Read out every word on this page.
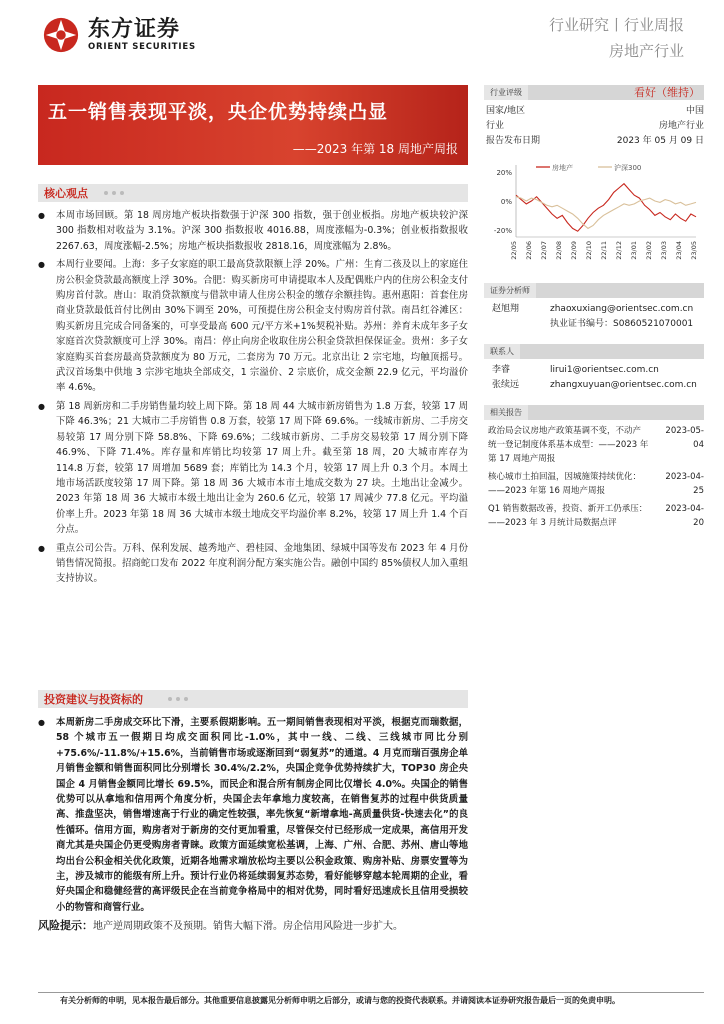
东方证券
ORIENT SECURITIES
行业研究丨行业周报
房地产行业
五一销售表现平淡，央企优势持续凸显
——2023 年第 18 周地产周报
行业评级	看好（维持）
国家/地区	中国
行业	房地产行业
报告发布日期	2023 年 05 月 09 日
20%
0%
-20%
房地产	沪深300
22/05 22/06 22/07 22/08 22/09 22/10 22/11 22/12 23/01 23/02 23/03 23/04 23/05
证券分析师
赵旭翔	zhaoxuxiang@orientsec.com.cn
执业证书编号：S0860521070001
联系人
李睿	lirui1@orientsec.com.cn
张续远	zhangxuyuan@orientsec.com.cn
相关报告
政治局会议房地产政策基调不变，不动产
统一登记制度体系基本成型：——2023 年
第 17 周地产周报
2023-05-04
核心城市土拍回温，因城施策持续优化：
——2023 年第 16 周地产周报
2023-04-25
Q1 销售数据改善，投资、新开工仍承压：
——2023 年 3 月统计局数据点评
2023-04-20
核心观点
● 本周市场回顾。第 18 周房地产板块指数强于沪深 300 指数，强于创业板指。房地产板块较沪深 300 指数相对收益为 3.1%。沪深 300 指数报收 4016.88，周度涨幅为-0.3%；创业板指数报收 2267.63，周度涨幅-2.5%；房地产板块指数报收 2818.16，周度涨幅为 2.8%。
● 本周行业要闻。上海：多子女家庭的职工最高贷款限额上浮 20%。广州：生育二孩及以上的家庭住房公积金贷款最高额度上浮 30%。合肥：购买新房可申请提取本人及配偶账户内的住房公积金支付购房首付款。唐山：取消贷款额度与借款申请人住房公积金的缴存余额挂钩。惠州惠阳：首套住房商业贷款最低首付比例由 30%下调至 20%，可预提住房公积金支付购房首付款。南昌红谷滩区：购买新房且完成合同备案的，可享受最高 600 元/平方米+1%契税补贴。苏州：养育未成年多子女家庭首次贷款额度可上浮 30%。南昌：停止向房企收取住房公积金贷款担保保证金。贵州：多子女家庭购买首套房最高贷款额度为 80 万元，二套房为 70 万元。北京出让 2 宗宅地，均触顶摇号。武汉首场集中供地 3 宗涉宅地块全部成交，1 宗溢价、2 宗底价，成交金额 22.9 亿元，平均溢价率 4.6%。
● 第 18 周新房和二手房销售量均较上周下降。第 18 周 44 大城市新房销售为 1.8 万套，较第 17 周下降 46.3%；21 大城市二手房销售 0.8 万套，较第 17 周下降 69.6%。一线城市新房、二手房交易较第 17 周分别下降 58.8%、下降 69.6%；二线城市新房、二手房交易较第 17 周分别下降 46.9%、下降 71.4%。库存量和库销比均较第 17 周上升。截至第 18 周，20 大城市库存为 114.8 万套，较第 17 周增加 5689 套；库销比为 14.3 个月，较第 17 周上升 0.3 个月。本周土地市场活跃度较第 17 周下降。第 18 周 36 大城市本市土地成交数为 27 块。土地出让金减少。2023 年第 18 周 36 大城市本级土地出让金为 260.6 亿元，较第 17 周减少 77.8 亿元。平均溢价率上升。2023 年第 18 周 36 大城市本级土地成交平均溢价率 8.2%，较第 17 周上升 1.4 个百分点。
● 重点公司公告。万科、保利发展、越秀地产、碧桂园、金地集团、绿城中国等发布 2023 年 4 月份销售情况简报。招商蛇口发布 2022 年度利润分配方案实施公告。融创中国约 85%债权人加入重组支持协议。
投资建议与投资标的
● 本周新房二手房成交环比下滑，主要系假期影响。五一期间销售表现相对平淡，根据克而瑞数据，58 个城市五一假期日均成交面积同比-1.0%，其中一线、二线、三线城市同比分别+75.6%/-11.8%/+15.6%，当前销售市场或逐渐回到“弱复苏”的通道。4 月克而瑞百强房企单月销售金额和销售面积同比分别增长 30.4%/2.2%，央国企竞争优势持续扩大，TOP30 房企央国企 4 月销售金额同比增长 69.5%，而民企和混合所有制房企同比仅增长 4.0%。央国企的销售优势可以从拿地和信用两个角度分析，央国企去年拿地力度较高，在销售复苏的过程中供货质量高、推盘坚决，销售增速高于行业的确定性较强，率先恢复“新增拿地-高质量供货-快速去化”的良性循环。信用方面，购房者对于新房的交付更加看重，尽管保交付已经形成一定成果，高信用开发商尤其是央国企仍更受购房者青睐。政策方面延续宽松基调，上海、广州、合肥、苏州、唐山等地均出台公积金相关优化政策，近期各地需求端放松均主要以公积金政策、购房补贴、房票安置等为主，涉及城市的能级有所上升。预计行业仍将延续弱复苏态势，看好能够穿越本轮周期的企业，看好央国企和稳健经营的高评级民企在当前竞争格局中的相对优势，同时看好迅速成长且信用受损较小的物管和商管行业。
风险提示：地产逆周期政策不及预期。销售大幅下滑。房企信用风险进一步扩大。
有关分析师的申明，见本报告最后部分。其他重要信息披露见分析师申明之后部分，或请与您的投资代表联系。并请阅读本证券研究报告最后一页的免责申明。
